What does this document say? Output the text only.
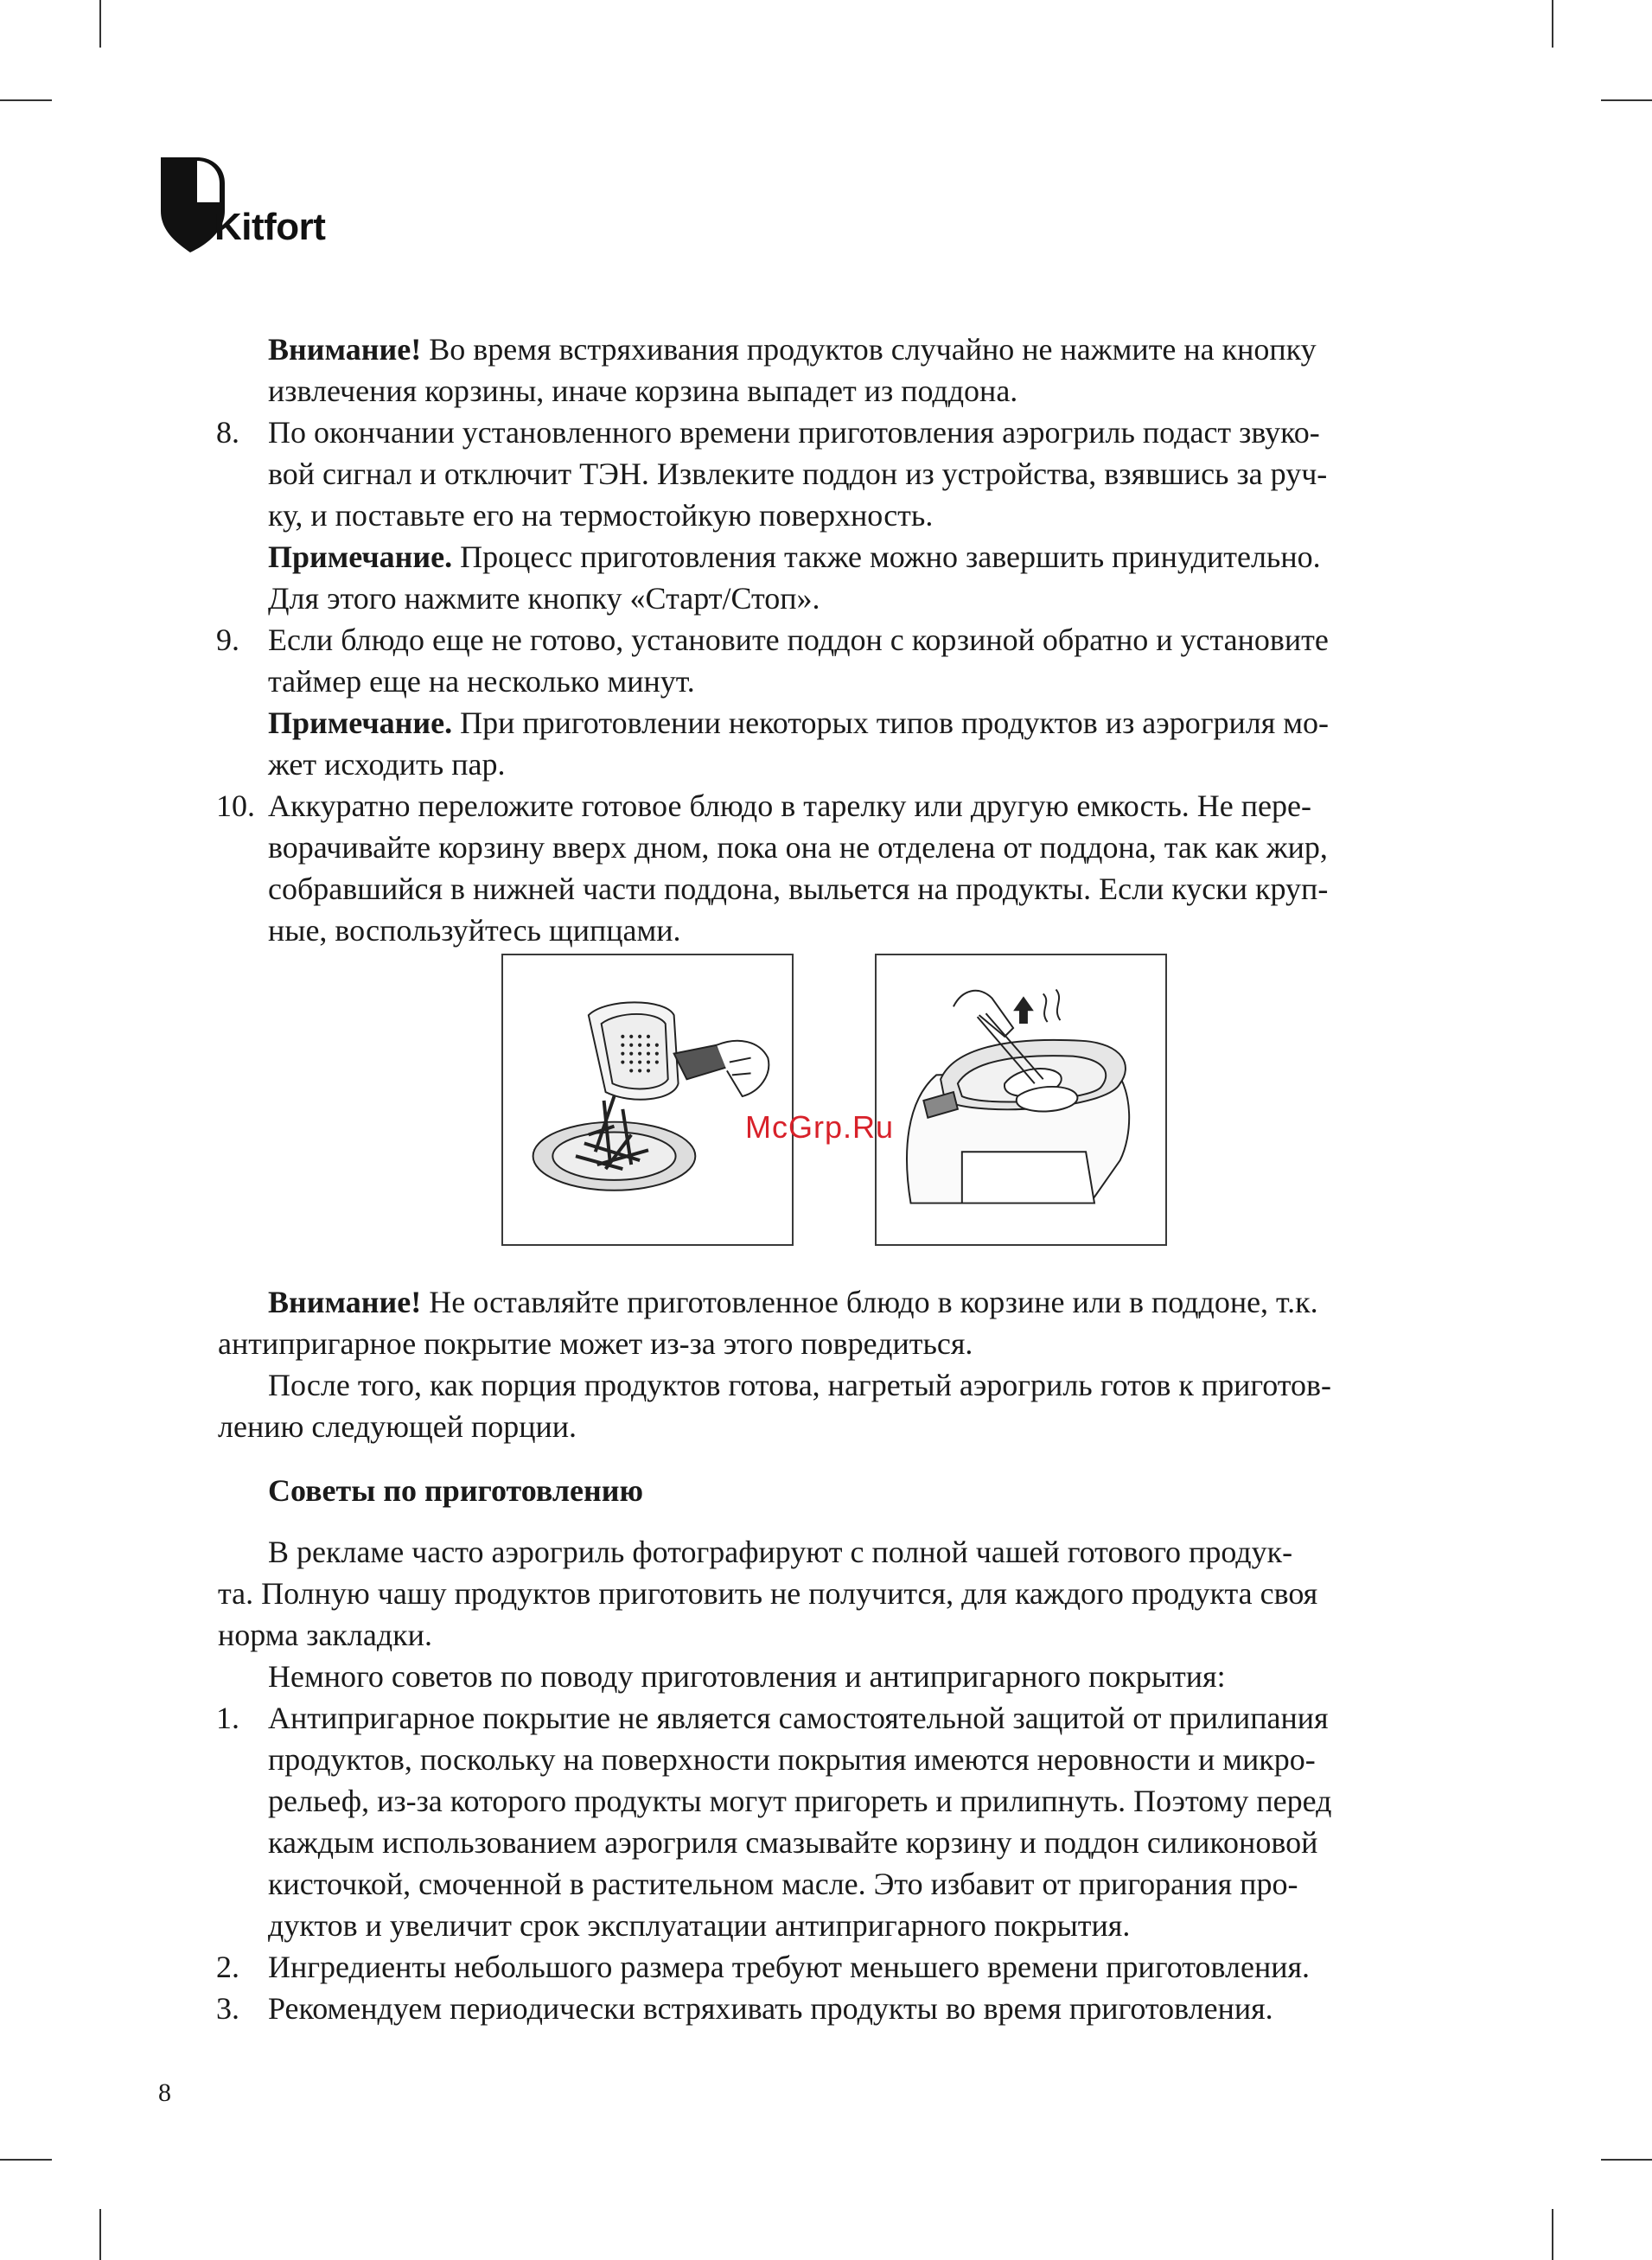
Kitfort
Внимание! Во время встряхивания продуктов случайно не нажмите на кнопку
извлечения корзины, иначе корзина выпадет из поддона.
8. По окончании установленного времени приготовления аэрогриль подаст звуко-
вой сигнал и отключит ТЭН. Извлеките поддон из устройства, взявшись за руч-
ку, и поставьте его на термостойкую поверхность.
Примечание. Процесс приготовления также можно завершить принудительно.
Для этого нажмите кнопку «Старт/Стоп».
9. Если блюдо еще не готово, установите поддон с корзиной обратно и установите
таймер еще на несколько минут.
Примечание. При приготовлении некоторых типов продуктов из аэрогриля мо-
жет исходить пар.
10. Аккуратно переложите готовое блюдо в тарелку или другую емкость. Не пере-
ворачивайте корзину вверх дном, пока она не отделена от поддона, так как жир,
собравшийся в нижней части поддона, выльется на продукты. Если куски круп-
ные, воспользуйтесь щипцами.
McGrp.Ru
Внимание! Не оставляйте приготовленное блюдо в корзине или в поддоне, т.к.
антипригарное покрытие может из-за этого повредиться.
После того, как порция продуктов готова, нагретый аэрогриль готов к приготов-
лению следующей порции.
Советы по приготовлению
В рекламе часто аэрогриль фотографируют с полной чашей готового продук-
та. Полную чашу продуктов приготовить не получится, для каждого продукта своя
норма закладки.
Немного советов по поводу приготовления и антипригарного покрытия:
1. Антипригарное покрытие не является самостоятельной защитой от прилипания
продуктов, поскольку на поверхности покрытия имеются неровности и микро-
рельеф, из-за которого продукты могут пригореть и прилипнуть. Поэтому перед
каждым использованием аэрогриля смазывайте корзину и поддон силиконовой
кисточкой, смоченной в растительном масле. Это избавит от пригорания про-
дуктов и увеличит срок эксплуатации антипригарного покрытия.
2. Ингредиенты небольшого размера требуют меньшего времени приготовления.
3. Рекомендуем периодически встряхивать продукты во время приготовления.
8
